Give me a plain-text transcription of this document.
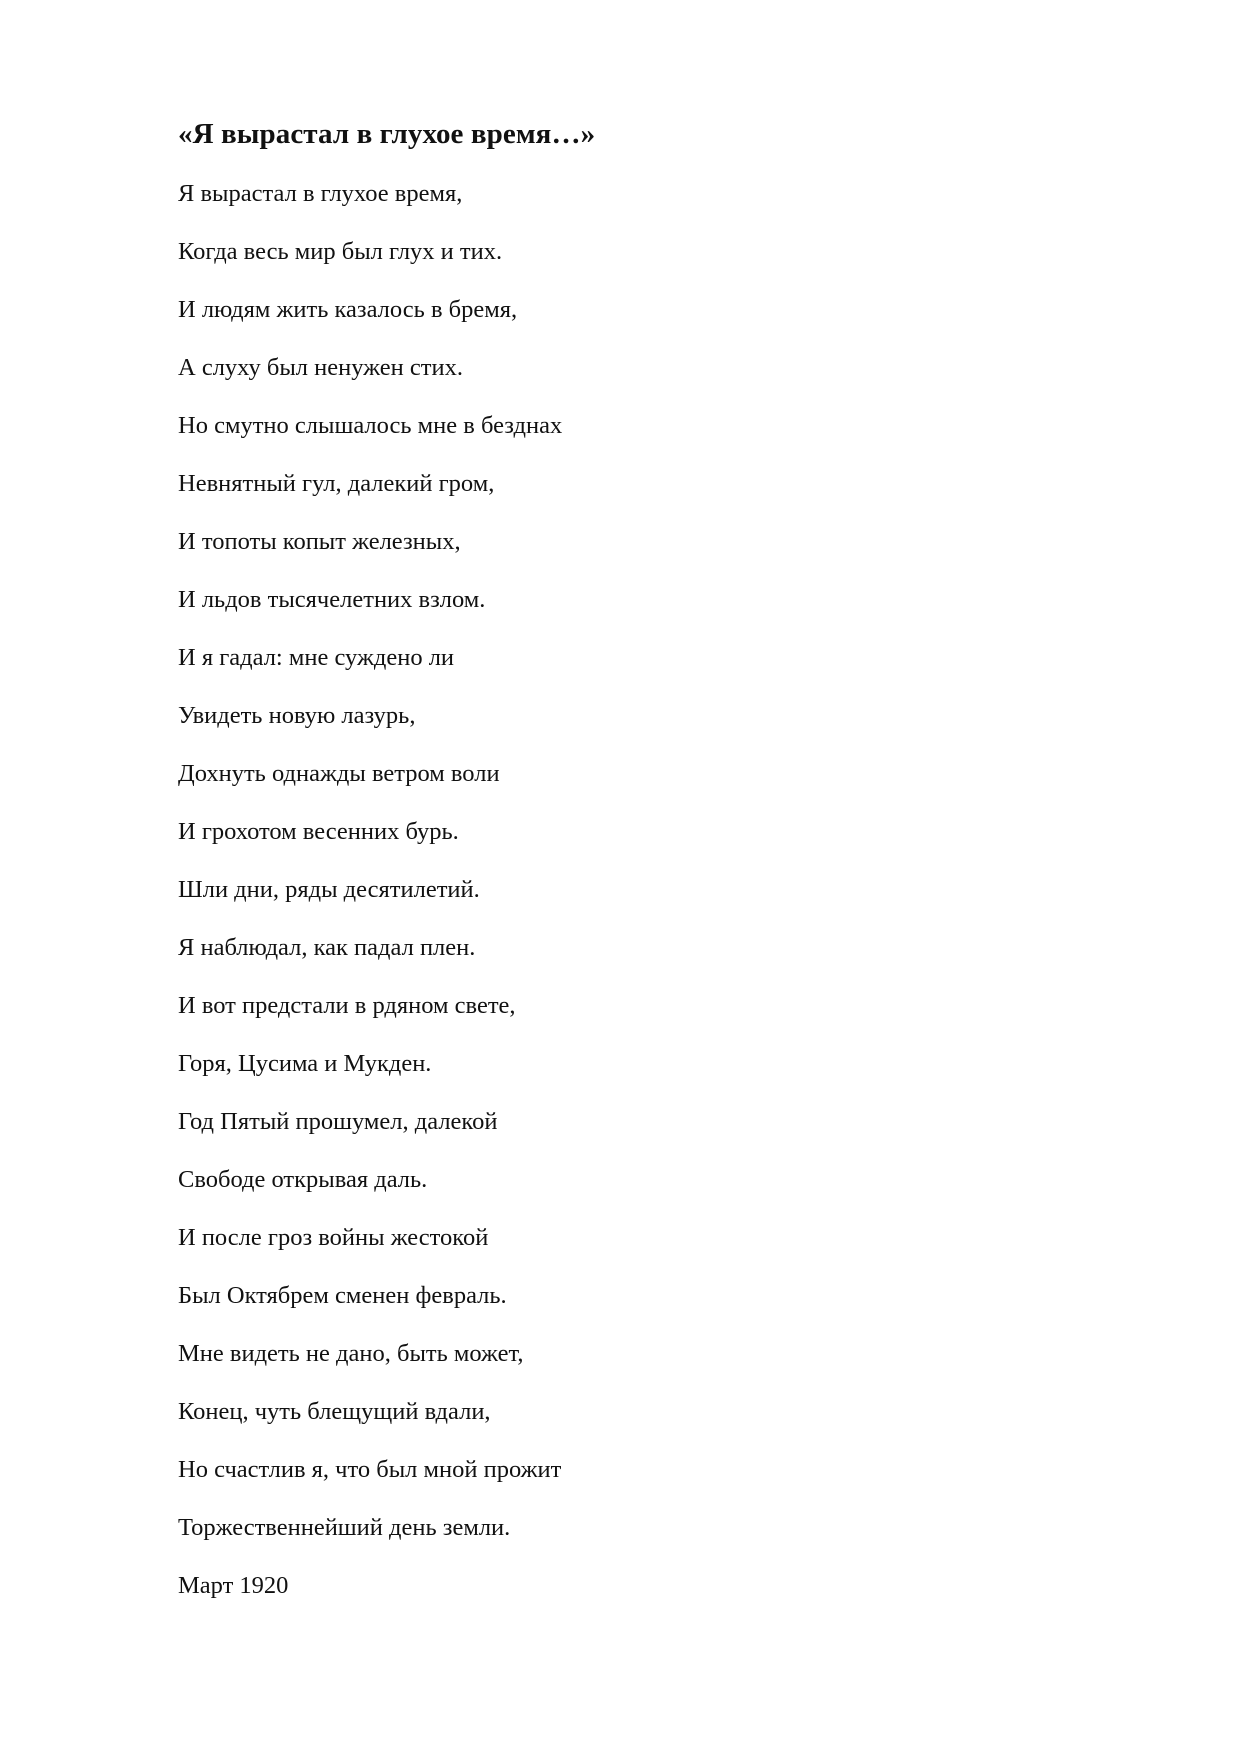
«Я вырастал в глухое время…»
Я вырастал в глухое время,
Когда весь мир был глух и тих.
И людям жить казалось в бремя,
А слуху был ненужен стих.
Но смутно слышалось мне в безднах
Невнятный гул, далекий гром,
И топоты копыт железных,
И льдов тысячелетних взлом.
И я гадал: мне суждено ли
Увидеть новую лазурь,
Дохнуть однажды ветром воли
И грохотом весенних бурь.
Шли дни, ряды десятилетий.
Я наблюдал, как падал плен.
И вот предстали в рдяном свете,
Горя, Цусима и Мукден.
Год Пятый прошумел, далекой
Свободе открывая даль.
И после гроз войны жестокой
Был Октябрем сменен февраль.
Мне видеть не дано, быть может,
Конец, чуть блещущий вдали,
Но счастлив я, что был мной прожит
Торжественнейший день земли.
Март 1920
